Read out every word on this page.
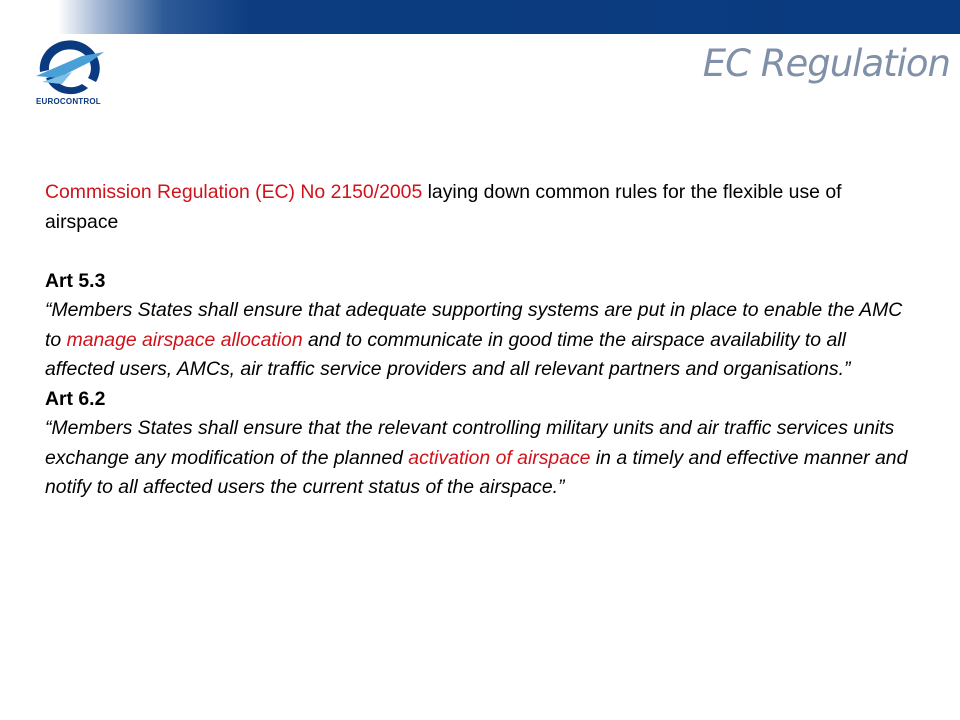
EUROCONTROL
EC Regulation

Commission Regulation (EC) No 2150/2005 laying down common rules for the flexible use of airspace

Art 5.3

“Members States shall ensure that adequate supporting systems are put in place to enable the AMC to manage airspace allocation and to communicate in good time the airspace availability to all affected users, AMCs, air traffic service providers and all relevant partners and organisations.”

Art 6.2

“Members States shall ensure that the relevant controlling military units and air traffic services units exchange any modification of the planned activation of airspace in a timely and effective manner and notify to all affected users the current status of the airspace.”
